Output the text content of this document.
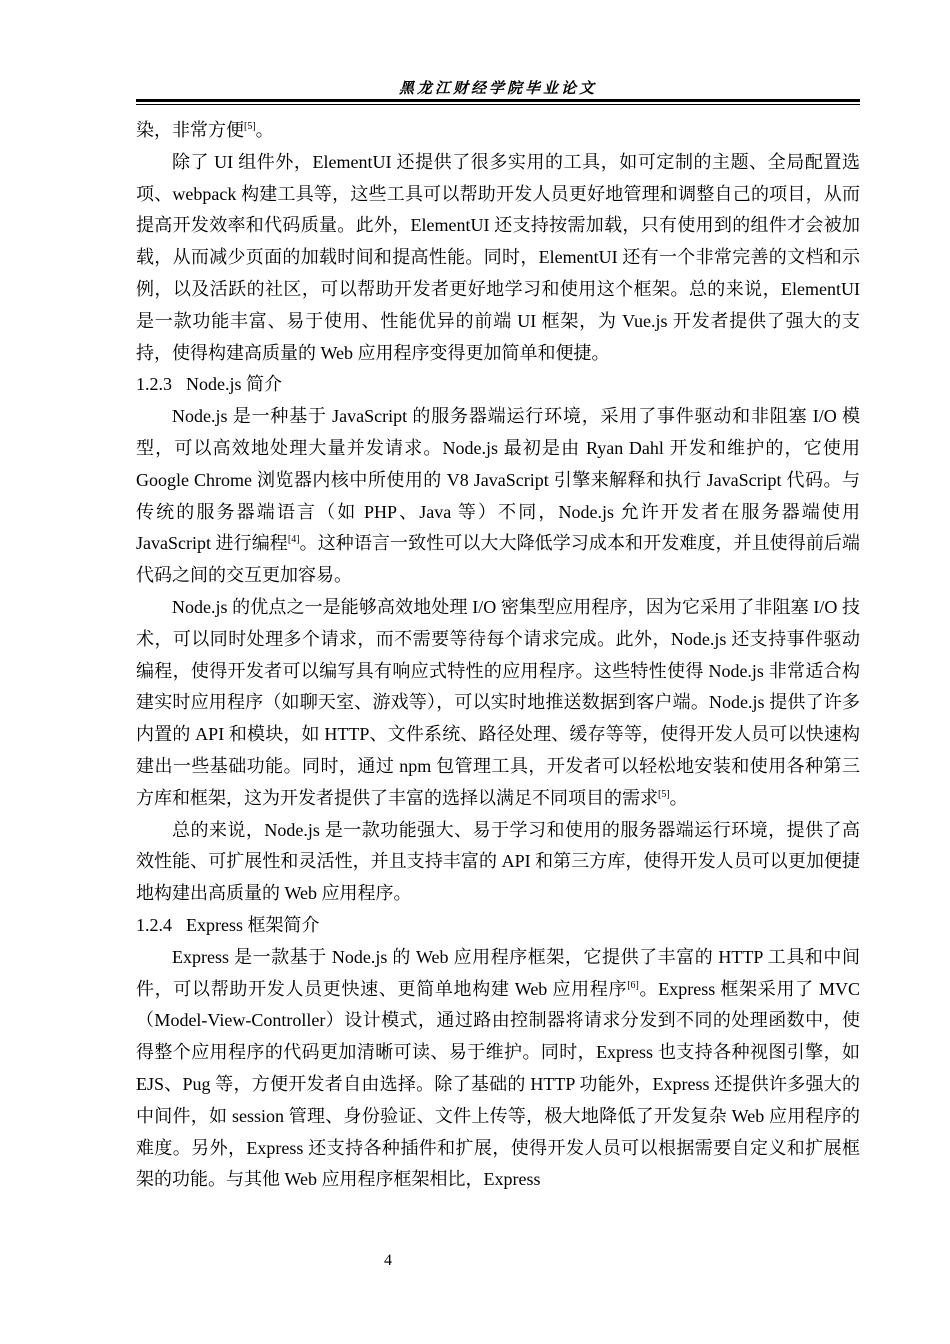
黑龙江财经学院毕业论文

染，非常方便[5]。

除了 UI 组件外，ElementUI 还提供了很多实用的工具，如可定制的主题、全局配置选项、webpack 构建工具等，这些工具可以帮助开发人员更好地管理和调整自己的项目，从而提高开发效率和代码质量。此外，ElementUI 还支持按需加载，只有使用到的组件才会被加载，从而减少页面的加载时间和提高性能。同时，ElementUI 还有一个非常完善的文档和示例，以及活跃的社区，可以帮助开发者更好地学习和使用这个框架。总的来说，ElementUI 是一款功能丰富、易于使用、性能优异的前端 UI 框架，为 Vue.js 开发者提供了强大的支持，使得构建高质量的 Web 应用程序变得更加简单和便捷。

1.2.3 Node.js 简介

Node.js 是一种基于 JavaScript 的服务器端运行环境，采用了事件驱动和非阻塞 I/O 模型，可以高效地处理大量并发请求。Node.js 最初是由 Ryan Dahl 开发和维护的，它使用 Google Chrome 浏览器内核中所使用的 V8 JavaScript 引擎来解释和执行 JavaScript 代码。与传统的服务器端语言（如 PHP、Java 等）不同，Node.js 允许开发者在服务器端使用 JavaScript 进行编程[4]。这种语言一致性可以大大降低学习成本和开发难度，并且使得前后端代码之间的交互更加容易。

Node.js 的优点之一是能够高效地处理 I/O 密集型应用程序，因为它采用了非阻塞 I/O 技术，可以同时处理多个请求，而不需要等待每个请求完成。此外，Node.js 还支持事件驱动编程，使得开发者可以编写具有响应式特性的应用程序。这些特性使得 Node.js 非常适合构建实时应用程序（如聊天室、游戏等），可以实时地推送数据到客户端。Node.js 提供了许多内置的 API 和模块，如 HTTP、文件系统、路径处理、缓存等等，使得开发人员可以快速构建出一些基础功能。同时，通过 npm 包管理工具，开发者可以轻松地安装和使用各种第三方库和框架，这为开发者提供了丰富的选择以满足不同项目的需求[5]。

总的来说，Node.js 是一款功能强大、易于学习和使用的服务器端运行环境，提供了高效性能、可扩展性和灵活性，并且支持丰富的 API 和第三方库，使得开发人员可以更加便捷地构建出高质量的 Web 应用程序。

1.2.4 Express 框架简介

Express 是一款基于 Node.js 的 Web 应用程序框架，它提供了丰富的 HTTP 工具和中间件，可以帮助开发人员更快速、更简单地构建 Web 应用程序[6]。Express 框架采用了 MVC（Model-View-Controller）设计模式，通过路由控制器将请求分发到不同的处理函数中，使得整个应用程序的代码更加清晰可读、易于维护。同时，Express 也支持各种视图引擎，如 EJS、Pug 等，方便开发者自由选择。除了基础的 HTTP 功能外，Express 还提供许多强大的中间件，如 session 管理、身份验证、文件上传等，极大地降低了开发复杂 Web 应用程序的难度。另外，Express 还支持各种插件和扩展，使得开发人员可以根据需要自定义和扩展框架的功能。与其他 Web 应用程序框架相比，Express

4
